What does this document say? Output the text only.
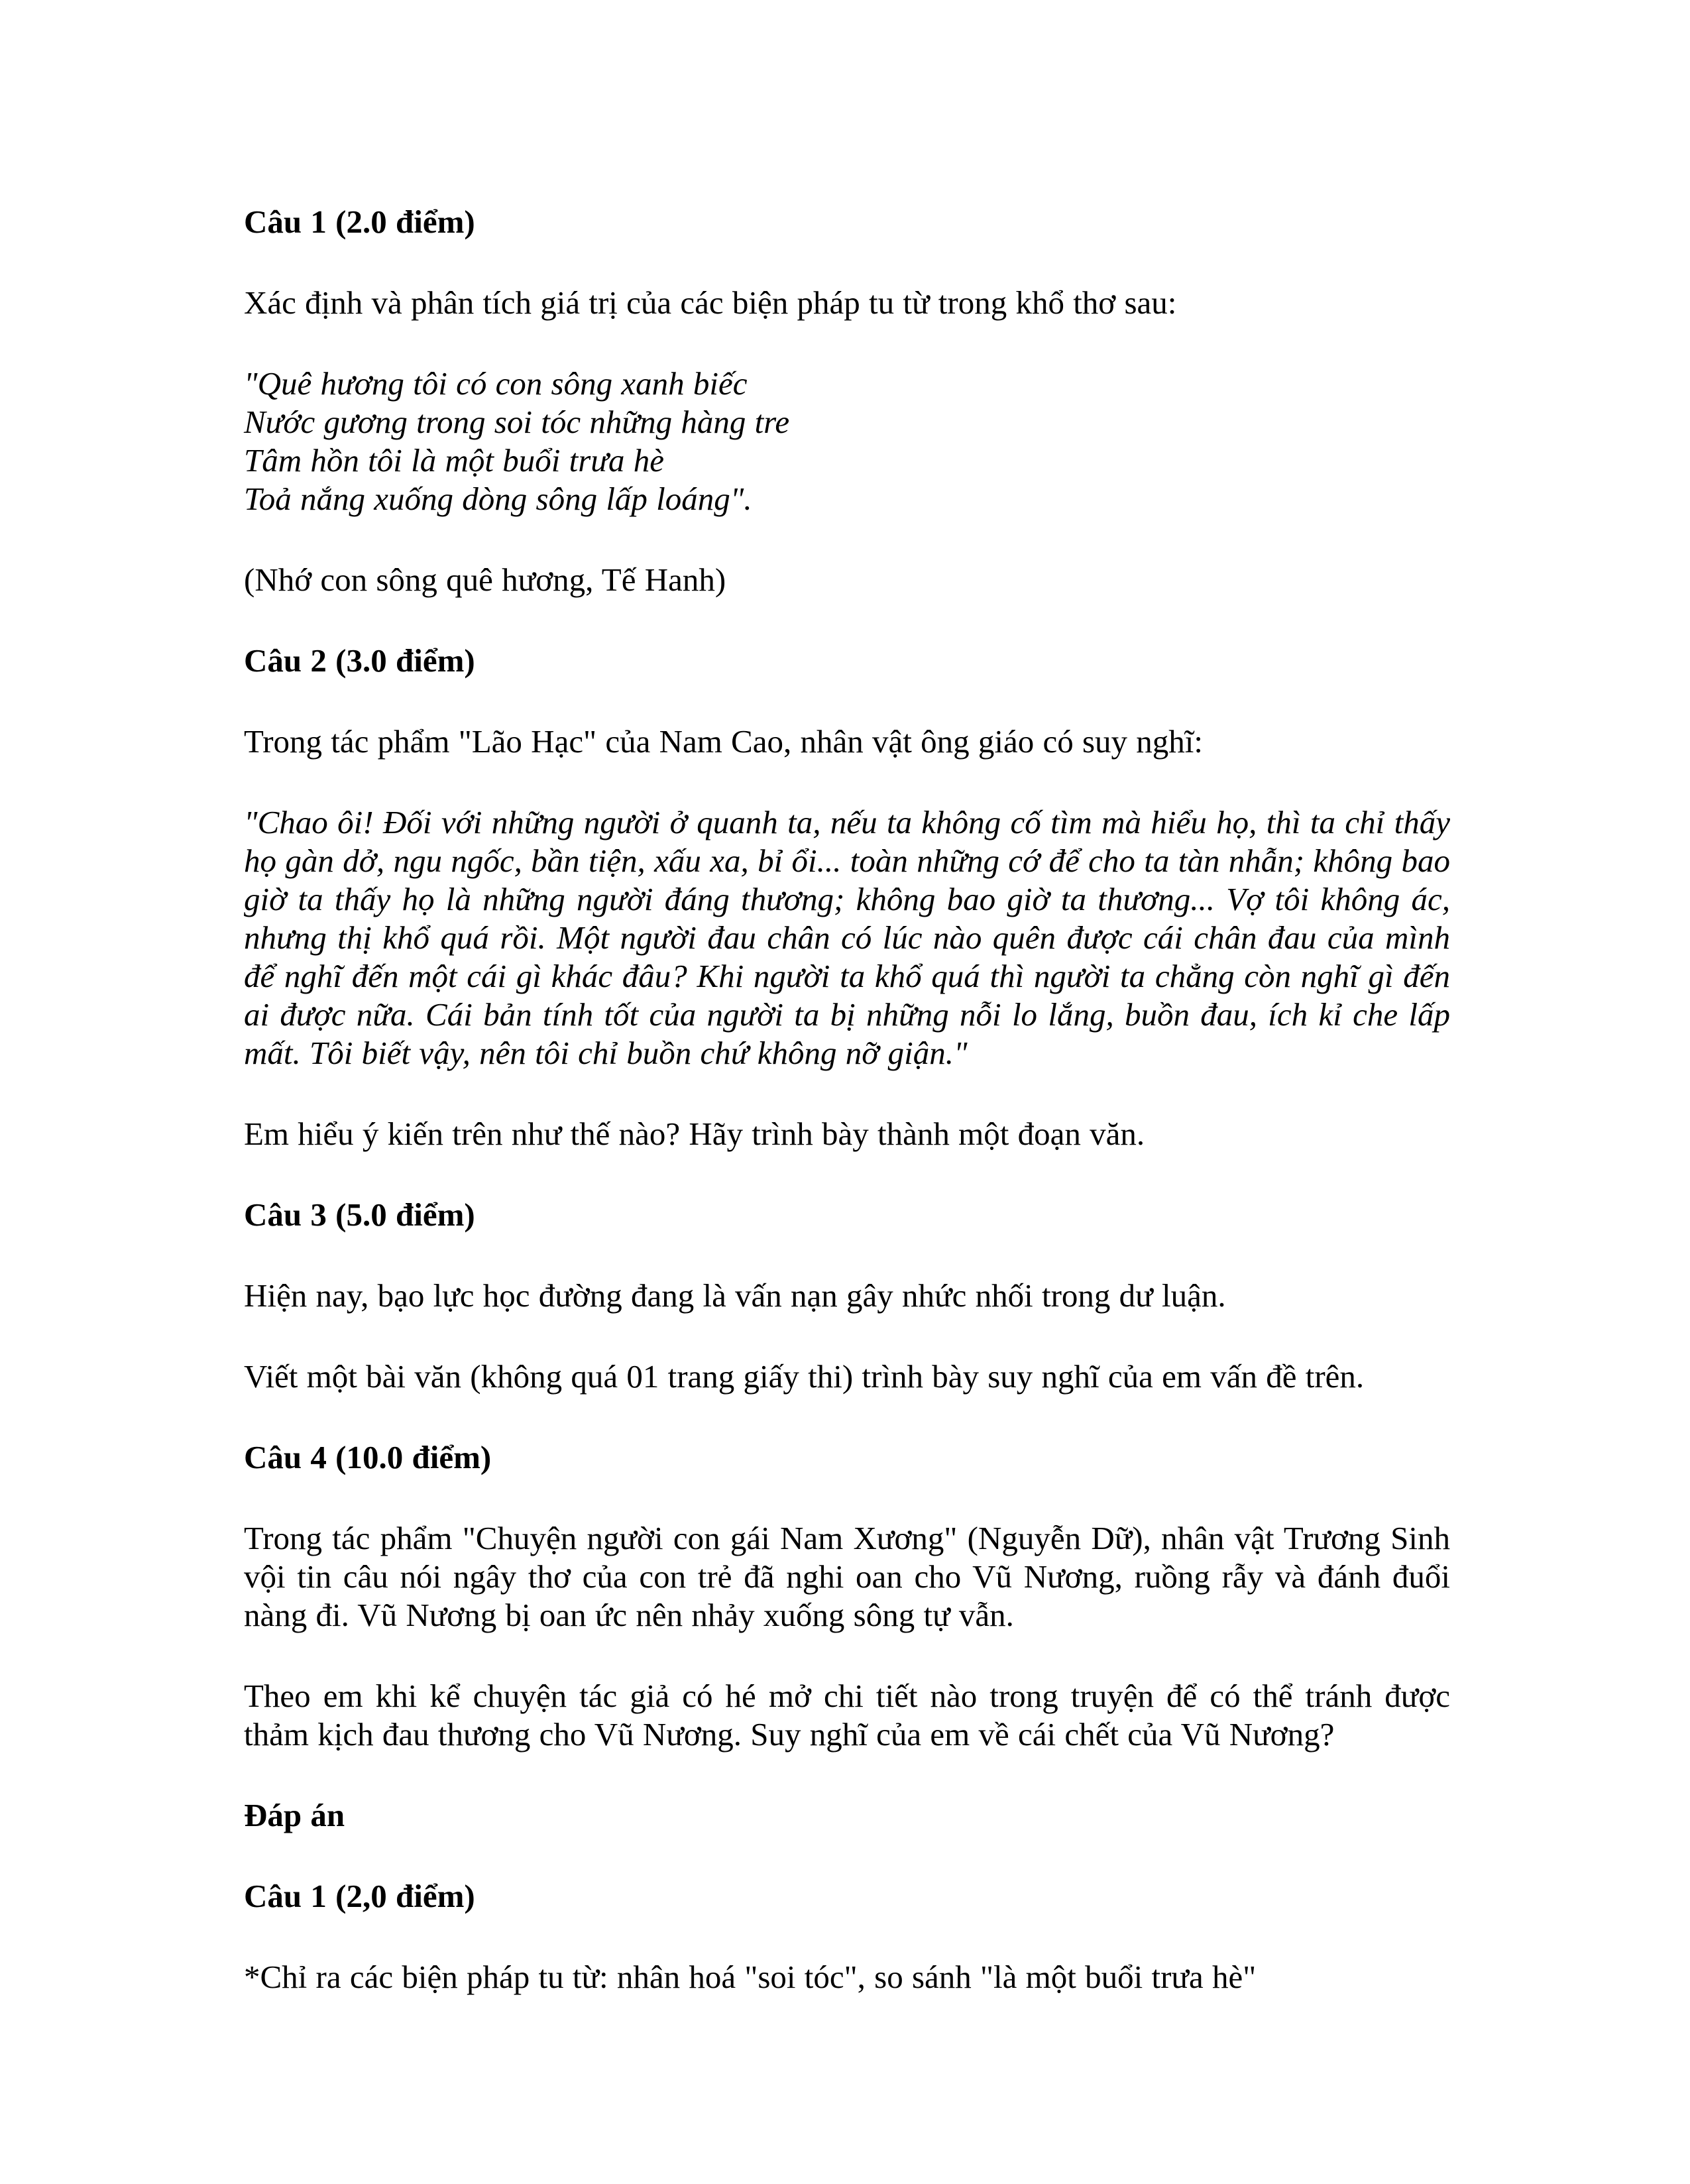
Câu 1 (2.0 điểm)

Xác định và phân tích giá trị của các biện pháp tu từ trong khổ thơ sau:

"Quê hương tôi có con sông xanh biếc
Nước gương trong soi tóc những hàng tre
Tâm hồn tôi là một buổi trưa hè
Toả nắng xuống dòng sông lấp loáng".

(Nhớ con sông quê hương, Tế Hanh)

Câu 2 (3.0 điểm)

Trong tác phẩm "Lão Hạc" của Nam Cao, nhân vật ông giáo có suy nghĩ:

"Chao ôi! Đối với những người ở quanh ta, nếu ta không cố tìm mà hiểu họ, thì ta chỉ thấy họ gàn dở, ngu ngốc, bần tiện, xấu xa, bỉ ổi... toàn những cớ để cho ta tàn nhẫn; không bao giờ ta thấy họ là những người đáng thương; không bao giờ ta thương... Vợ tôi không ác, nhưng thị khổ quá rồi. Một người đau chân có lúc nào quên được cái chân đau của mình để nghĩ đến một cái gì khác đâu? Khi người ta khổ quá thì người ta chẳng còn nghĩ gì đến ai được nữa. Cái bản tính tốt của người ta bị những nỗi lo lắng, buồn đau, ích kỉ che lấp mất. Tôi biết vậy, nên tôi chỉ buồn chứ không nỡ giận."

Em hiểu ý kiến trên như thế nào? Hãy trình bày thành một đoạn văn.

Câu 3 (5.0 điểm)

Hiện nay, bạo lực học đường đang là vấn nạn gây nhức nhối trong dư luận.

Viết một bài văn (không quá 01 trang giấy thi) trình bày suy nghĩ của em vấn đề trên.

Câu 4 (10.0 điểm)

Trong tác phẩm "Chuyện người con gái Nam Xương" (Nguyễn Dữ), nhân vật Trương Sinh vội tin câu nói ngây thơ của con trẻ đã nghi oan cho Vũ Nương, ruồng rẫy và đánh đuổi nàng đi. Vũ Nương bị oan ức nên nhảy xuống sông tự vẫn.

Theo em khi kể chuyện tác giả có hé mở chi tiết nào trong truyện để có thể tránh được thảm kịch đau thương cho Vũ Nương. Suy nghĩ của em về cái chết của Vũ Nương?

Đáp án

Câu 1 (2,0 điểm)

*Chỉ ra các biện pháp tu từ: nhân hoá "soi tóc", so sánh "là một buổi trưa hè"
